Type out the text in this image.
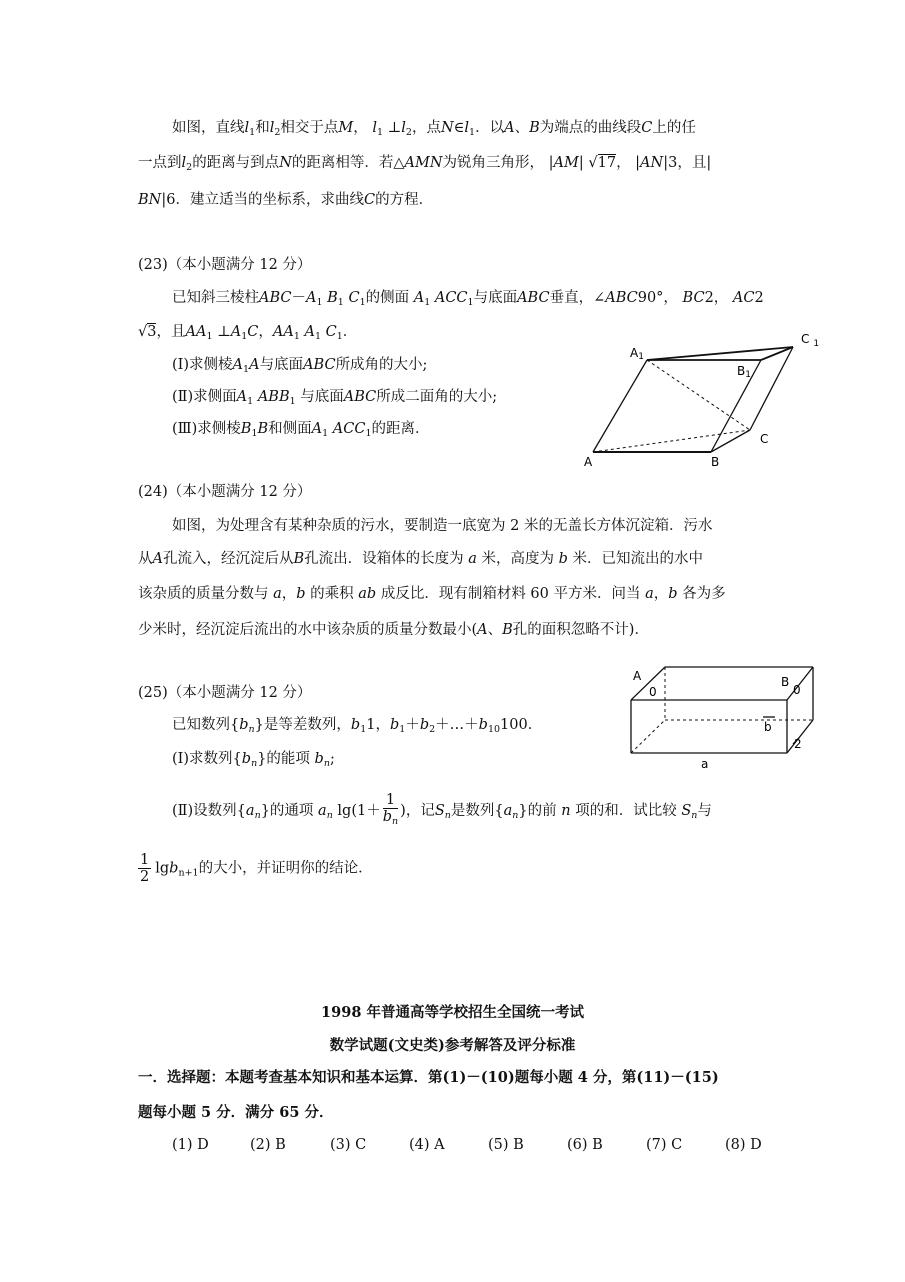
如图，直线$l_1$和$l_2$相交于点M， $l_1$ $\perp l_2$，点$N\in l_1$．以A、B为端点的曲线段C上的任
一点到$l_2$的距离与到点N的距离相等．若△AMN为锐角三角形， |AM| √17， |AN|3，且|
BN|6．建立适当的坐标系，求曲线C的方程．
(23)（本小题满分 12 分）
已知斜三棱柱$ABC-A_1$ $B_1$ $C_1$的侧面 $A_1$ $ACC_1$与底面ABC垂直，∠ABC90°， BC2， AC2
√3，且$AA_1$ $\perp A_1C$，$AA_1$ $A_1$ $C_1$．
(Ⅰ)求侧棱$A_1A$与底面ABC所成角的大小;
(Ⅱ)求侧面$A_1$ $ABB_1$ 与底面ABC所成二面角的大小;
(Ⅲ)求侧棱$B_1B$和侧面$A_1$ $ACC_1$的距离．
A1
C $_1$
B1
A	B
C
(24)（本小题满分 12 分）
如图，为处理含有某种杂质的污水，要制造一底宽为 2 米的无盖长方体沉淀箱．污水
从A孔流入，经沉淀后从B孔流出．设箱体的长度为 a 米，高度为 b 米．已知流出的水中
该杂质的质量分数与 a，b 的乘积 ab 成反比．现有制箱材料 60 平方米．问当 a，b 各为多
少米时，经沉淀后流出的水中该杂质的质量分数最小(A、B孔的面积忽略不计)．
A
0
B
0
b
2
a
(25)（本小题满分 12 分）
已知数列$\{b_n\}$是等差数列，$b_11$，$b_1+b_2+\dots+b_{10}100$．
(Ⅰ)求数列$\{b_n\}$的能项 $b_n$;
(Ⅱ)设数列$\{a_n\}$的通项 $a_n$ $\lg(1+ \frac{1}{b_n}$ )，记$S_n$是数列$\{a_n\}$的前 n 项的和．试比较 $S_n$与
$\frac{1}{2} \lg b_{n+1}$的大小，并证明你的结论．
1998 年普通高等学校招生全国统一考试
数学试题(文史类)参考解答及评分标准
一．选择题：本题考查基本知识和基本运算．第(1)－(10)题每小题 4 分，第(11)－(15)
题每小题 5 分．满分 65 分．
(1) D	(2) B	(3) C	(4) A	(5) B	(6) B	(7) C	(8) D
